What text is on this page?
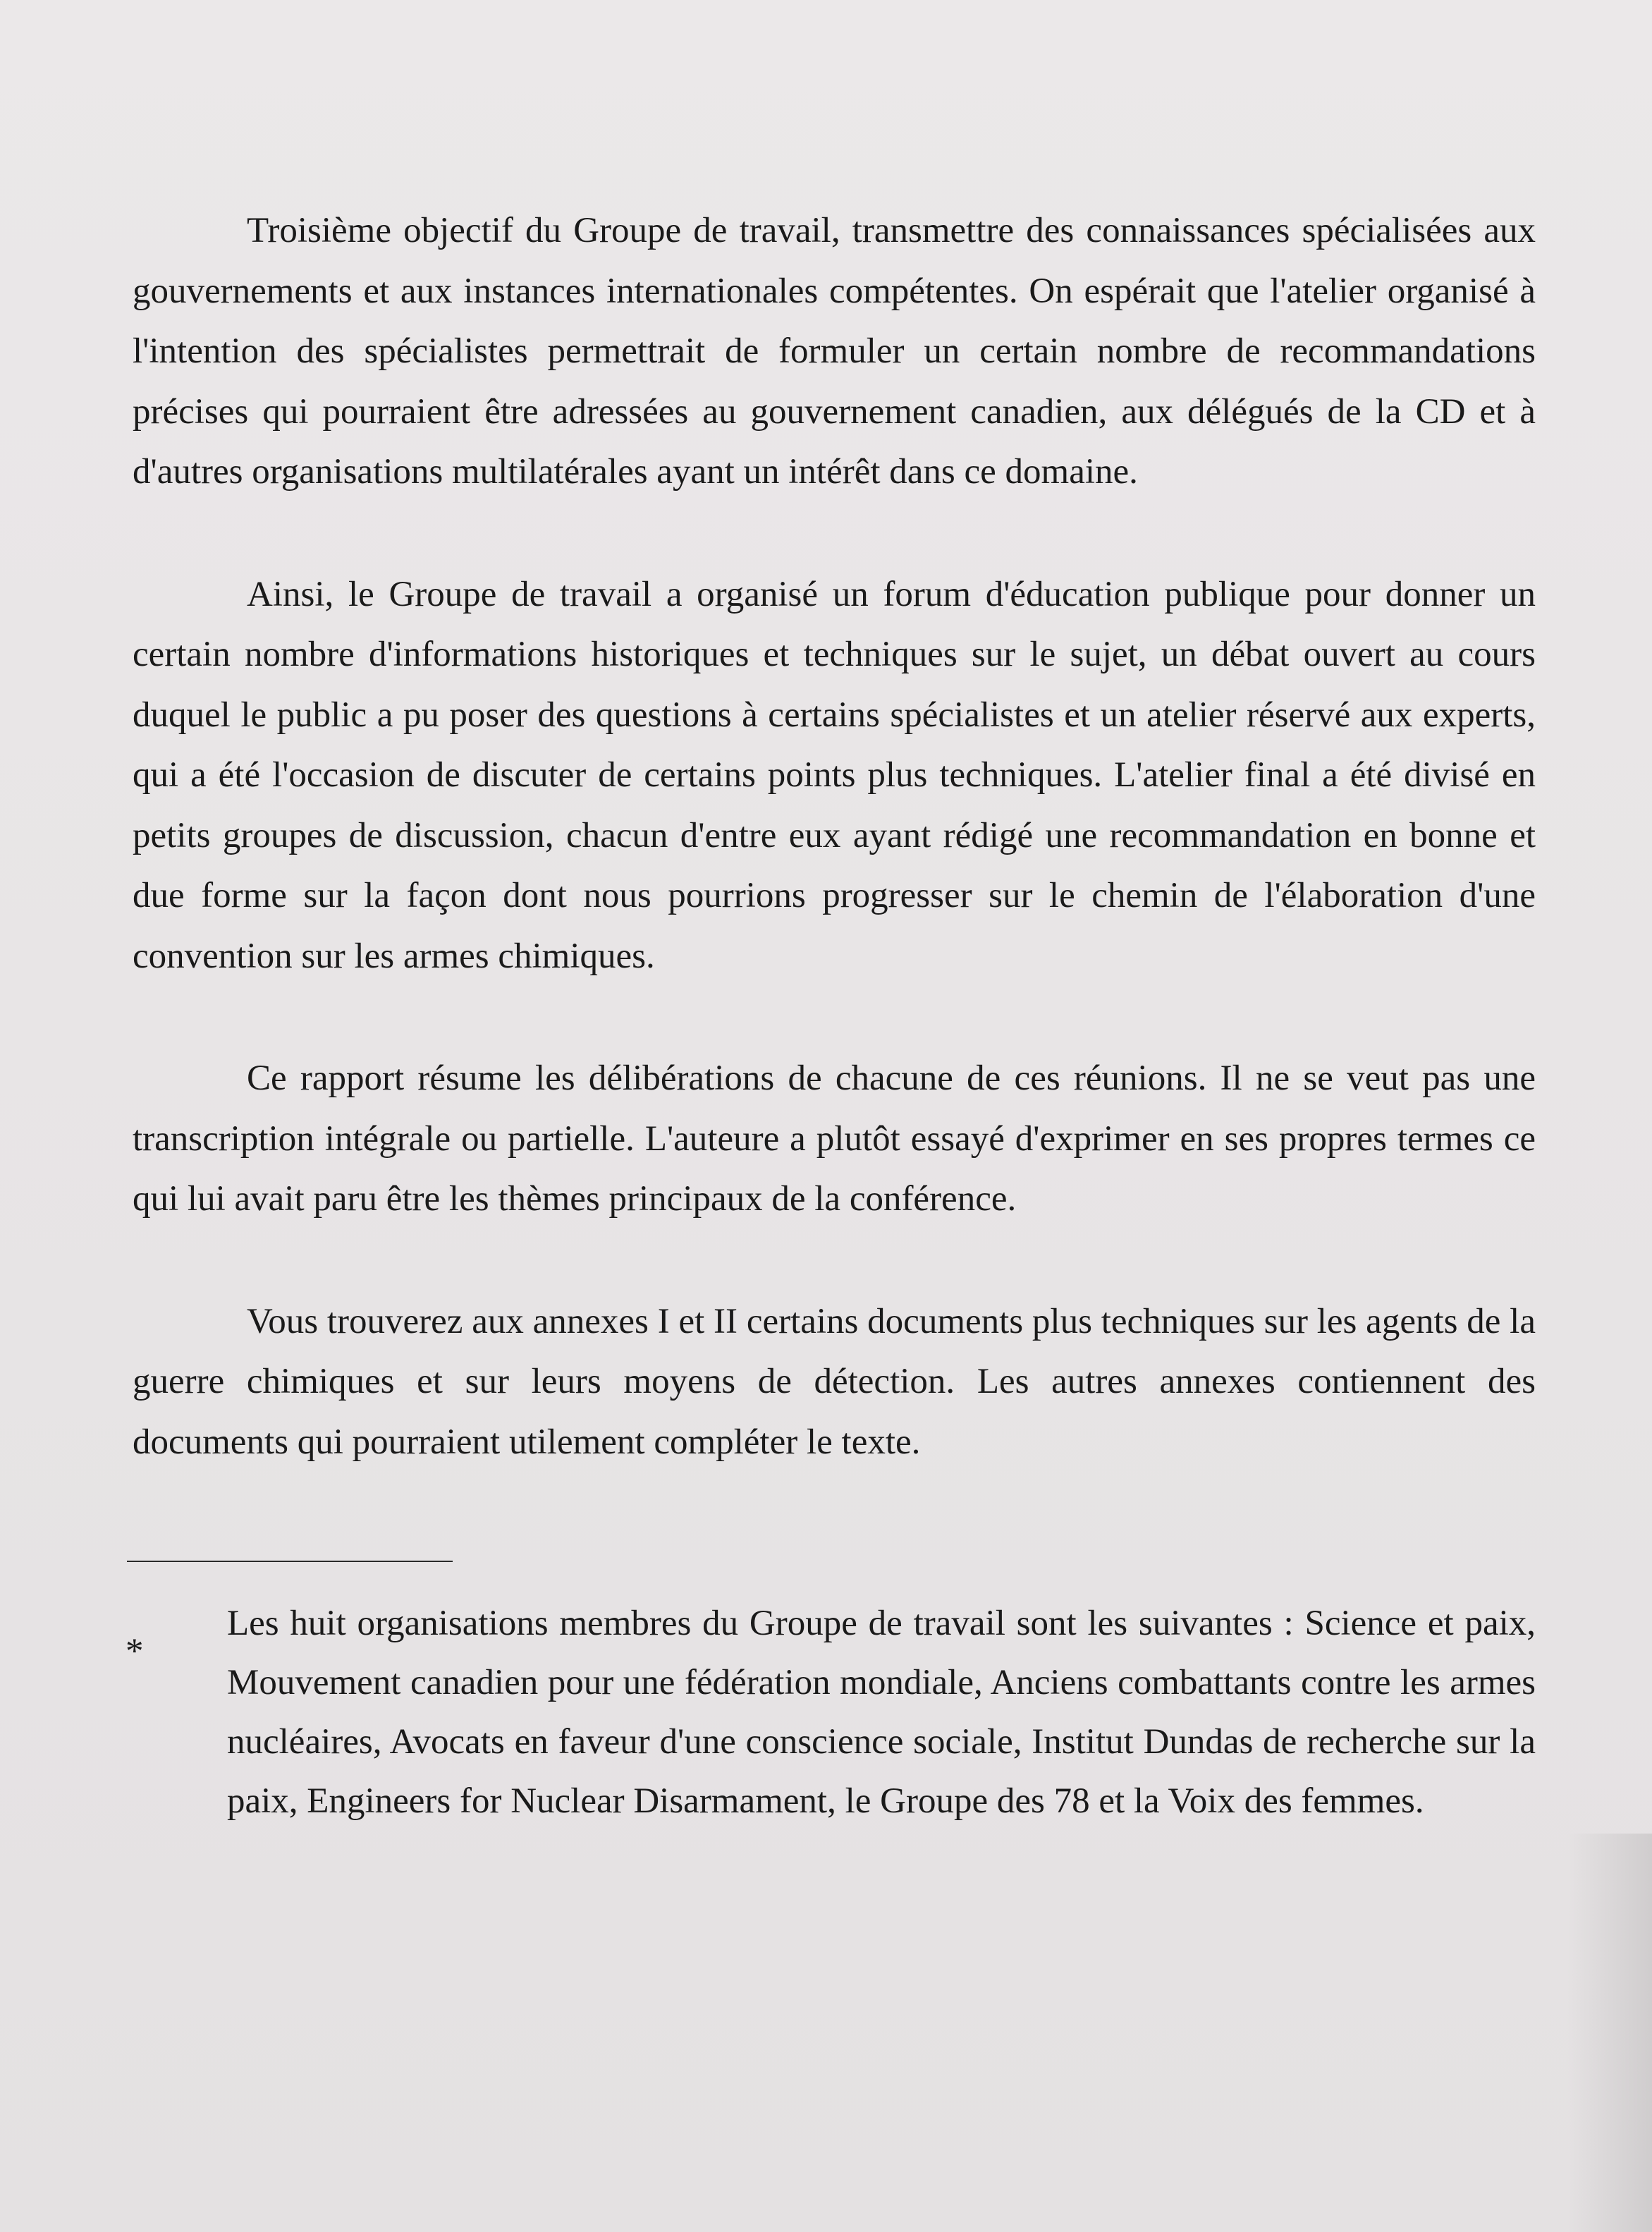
Troisième objectif du Groupe de travail, transmettre des connaissances spécialisées aux gouvernements et aux instances internationales compétentes. On espérait que l'atelier organisé à l'intention des spécialistes permettrait de formuler un certain nombre de recommandations précises qui pourraient être adressées au gouvernement canadien, aux délégués de la CD et à d'autres organisations multilatérales ayant un intérêt dans ce domaine.

Ainsi, le Groupe de travail a organisé un forum d'éducation publique pour donner un certain nombre d'informations historiques et techniques sur le sujet, un débat ouvert au cours duquel le public a pu poser des questions à certains spécialistes et un atelier réservé aux experts, qui a été l'occasion de discuter de certains points plus techniques. L'atelier final a été divisé en petits groupes de discussion, chacun d'entre eux ayant rédigé une recommandation en bonne et due forme sur la façon dont nous pourrions progresser sur le chemin de l'élaboration d'une convention sur les armes chimiques.

Ce rapport résume les délibérations de chacune de ces réunions. Il ne se veut pas une transcription intégrale ou partielle. L'auteure a plutôt essayé d'exprimer en ses propres termes ce qui lui avait paru être les thèmes principaux de la conférence.

Vous trouverez aux annexes I et II certains documents plus techniques sur les agents de la guerre chimiques et sur leurs moyens de détection. Les autres annexes contiennent des documents qui pourraient utilement compléter le texte.

*

Les huit organisations membres du Groupe de travail sont les suivantes : Science et paix, Mouvement canadien pour une fédération mondiale, Anciens combattants contre les armes nucléaires, Avocats en faveur d'une conscience sociale, Institut Dundas de recherche sur la paix, Engineers for Nuclear Disarmament, le Groupe des 78 et la Voix des femmes.
